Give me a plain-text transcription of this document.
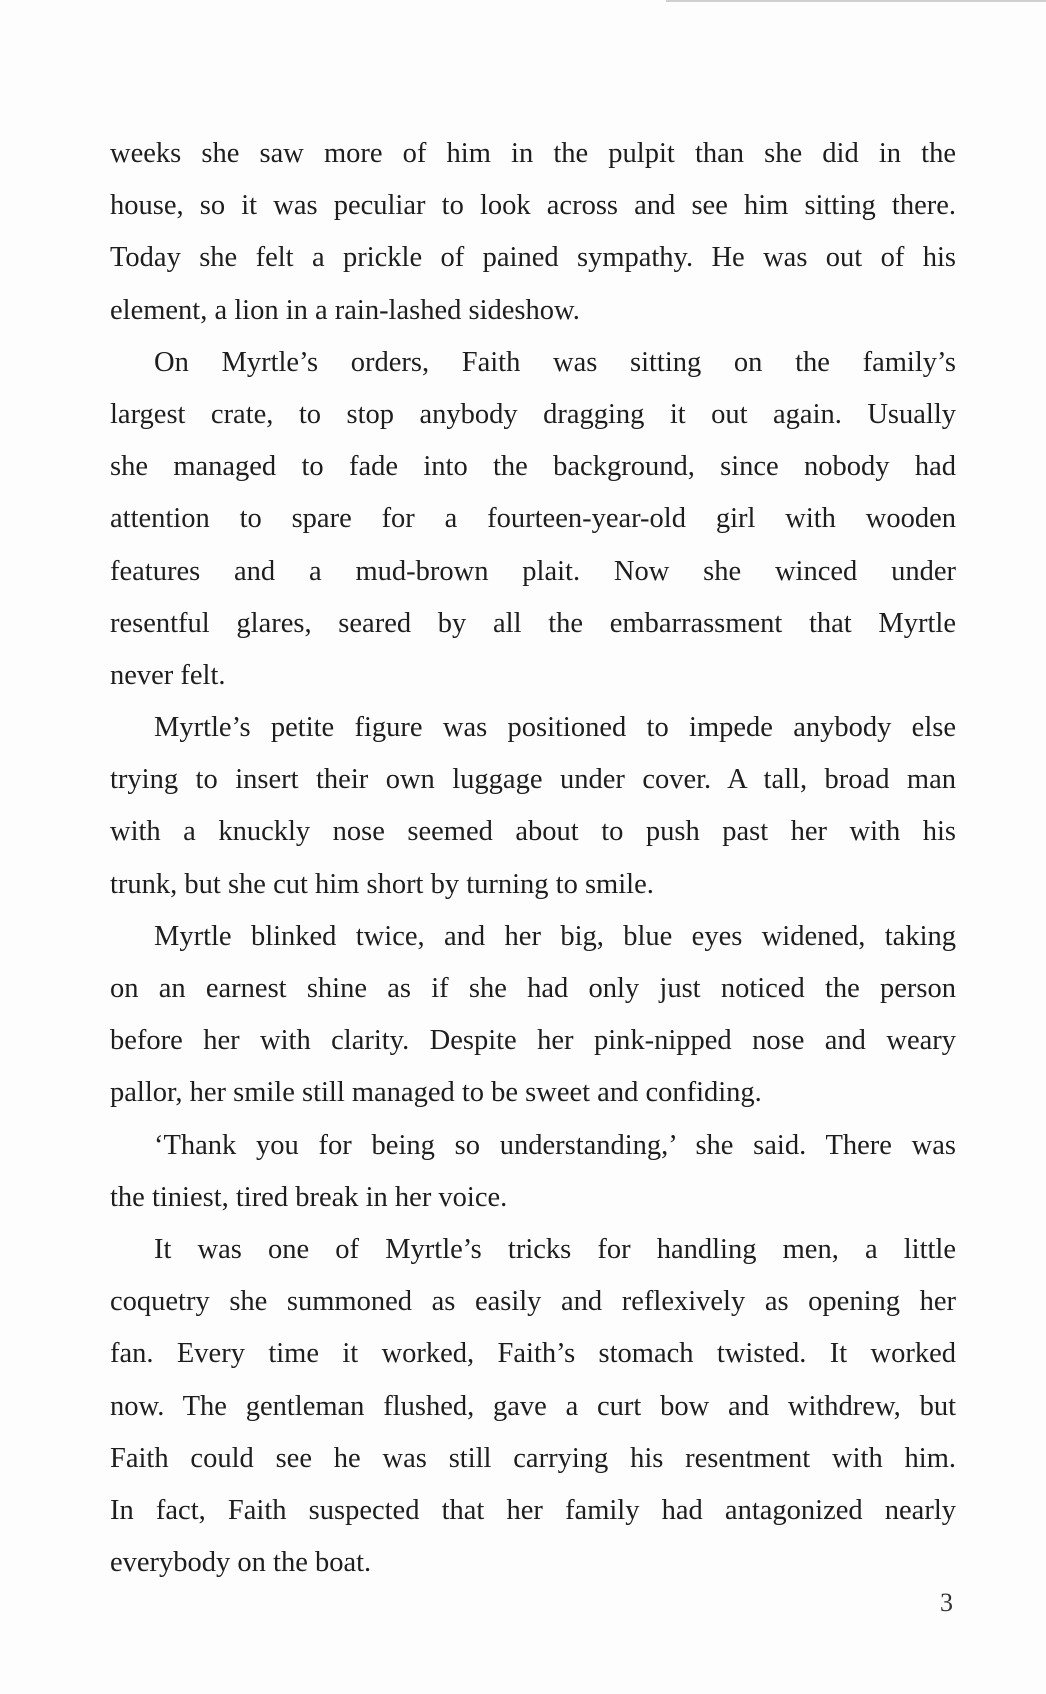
weeks she saw more of him in the pulpit than she did in the
house, so it was peculiar to look across and see him sitting there.
Today she felt a prickle of pained sympathy. He was out of his
element, a lion in a rain-lashed sideshow.
On Myrtle’s orders, Faith was sitting on the family’s
largest crate, to stop anybody dragging it out again. Usually
she managed to fade into the background, since nobody had
attention to spare for a fourteen-year-old girl with wooden
features and a mud-brown plait. Now she winced under
resentful glares, seared by all the embarrassment that Myrtle
never felt.
Myrtle’s petite figure was positioned to impede anybody else
trying to insert their own luggage under cover. A tall, broad man
with a knuckly nose seemed about to push past her with his
trunk, but she cut him short by turning to smile.
Myrtle blinked twice, and her big, blue eyes widened, taking
on an earnest shine as if she had only just noticed the person
before her with clarity. Despite her pink-nipped nose and weary
pallor, her smile still managed to be sweet and confiding.
‘Thank you for being so understanding,’ she said. There was
the tiniest, tired break in her voice.
It was one of Myrtle’s tricks for handling men, a little
coquetry she summoned as easily and reflexively as opening her
fan. Every time it worked, Faith’s stomach twisted. It worked
now. The gentleman flushed, gave a curt bow and withdrew, but
Faith could see he was still carrying his resentment with him.
In fact, Faith suspected that her family had antagonized nearly
everybody on the boat.
3
